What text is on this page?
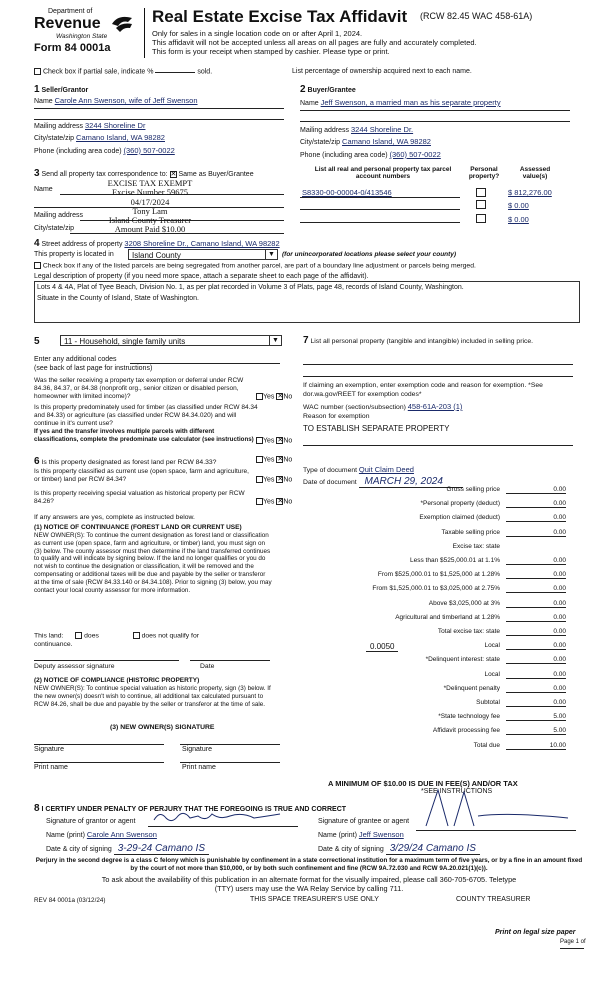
Department of
Revenue
Washington State
Form 84 0001a
Real Estate Excise Tax Affidavit (RCW 82.45 WAC 458-61A)
Only for sales in a single location code on or after April 1, 2024.
This affidavit will not be accepted unless all areas on all pages are fully and accurately completed.
This form is your receipt when stamped by cashier. Please type or print.
Check box if partial sale, indicate %	sold.	List percentage of ownership acquired next to each name.
1 Seller/Grantor
Name Carole Ann Swenson, wife of Jeff Swenson
Mailing address 3244 Shoreline Dr
City/state/zip Camano Island, WA 98282
Phone (including area code) (360) 507-0022
2 Buyer/Grantee
Name Jeff Swenson, a married man as his separate property
Mailing address 3244 Shoreline Dr.
City/state/zip Camano Island, WA 98282
Phone (including area code) (360) 507-0022
3 Send all property tax correspondence to: ✕ Same as Buyer/Grantee
Name
Mailing address
City/state/zip
EXCISE TAX EXEMPT
Excise Number 59675
04/17/2024
Tony Lam
Island County Treasurer
Amount Paid $10.00
List all real and personal property tax parcel account numbers
Personal property?
Assessed value(s)
S8330-00-00004-0/413546	$ 812,276.00
$ 0.00
$ 0.00
4 Street address of property 3208 Shoreline Dr., Camano Island, WA 98282
This property is located in	Island County	▼	(for unincorporated locations please select your county)
Check box if any of the listed parcels are being segregated from another parcel, are part of a boundary line adjustment or parcels being merged.
Legal description of property (if you need more space, attach a separate sheet to each page of the affidavit).
Lots 4 & 4A, Plat of Tyee Beach, Division No. 1, as per plat recorded in Volume 3 of Plats, page 48, records of Island County, Washington.
Situate in the County of Island, State of Washington.
5	11 - Household, single family units	▼
Enter any additional codes
(see back of last page for instructions)
Was the seller receiving a property tax exemption or deferral under RCW 84.36, 84.37, or 84.38 (nonprofit org., senior citizen or disabled person, homeowner with limited income)?	Yes ✕ No
Is this property predominately used for timber (as classified under RCW 84.34 and 84.33) or agriculture (as classified under RCW 84.34.020) and will continue in it's current use?
If yes and the transfer involves multiple parcels with different classifications, complete the predominate use calculator (see instructions)	Yes ✕ No
6 Is this property designated as forest land per RCW 84.33?	Yes ✕ No
Is this property classified as current use (open space, farm and agriculture, or timber) land per RCW 84.34?	Yes ✕ No
Is this property receiving special valuation as historical property per RCW 84.26?	Yes ✕ No
If any answers are yes, complete as instructed below.
(1) NOTICE OF CONTINUANCE (FOREST LAND OR CURRENT USE)
NEW OWNER(S): To continue the current designation as forest land or classification as current use (open space, farm and agriculture, or timber) land, you must sign on (3) below. The county assessor must then determine if the land transferred continues to qualify and will indicate by signing below. If the land no longer qualifies or you do not wish to continue the designation or classification, it will be removed and the compensating or additional taxes will be due and payable by the seller or transferor at the time of sale (RCW 84.33.140 or 84.34.108). Prior to signing (3) below, you may contact your local county assessor for more information.
This land:	does	does not qualify for
continuance.
Deputy assessor signature	Date
(2) NOTICE OF COMPLIANCE (HISTORIC PROPERTY)
NEW OWNER(S): To continue special valuation as historic property, sign (3) below. If the new owner(s) doesn't wish to continue, all additional tax calculated pursuant to RCW 84.26, shall be due and payable by the seller or transferor at the time of sale.
(3) NEW OWNER(S) SIGNATURE
Signature	Signature
Print name	Print name
7 List all personal property (tangible and intangible) included in selling price.
If claiming an exemption, enter exemption code and reason for exemption. *See dor.wa.gov/REET for exemption codes*
WAC number (section/subsection) 458-61A-203 (1)
Reason for exemption
TO ESTABLISH SEPARATE PROPERTY
Type of document Quit Claim Deed
Date of document MARCH 29, 2024
Gross selling price	0.00
*Personal property (deduct)	0.00
Exemption claimed (deduct)	0.00
Taxable selling price	0.00
Excise tax: state
Less than $525,000.01 at 1.1%	0.00
From $525,000.01 to $1,525,000 at 1.28%	0.00
From $1,525,000.01 to $3,025,000 at 2.75%	0.00
Above $3,025,000 at 3%	0.00
Agricultural and timberland at 1.28%	0.00
Total excise tax: state	0.00
Local
0.0050	0.00
*Delinquent interest: state	0.00
Local	0.00
*Delinquent penalty	0.00
Subtotal	0.00
*State technology fee	5.00
Affidavit processing fee	5.00
Total due	10.00
A MINIMUM OF $10.00 IS DUE IN FEE(S) AND/OR TAX
*SEE INSTRUCTIONS
8 I CERTIFY UNDER PENALTY OF PERJURY THAT THE FOREGOING IS TRUE AND CORRECT
Signature of grantor or agent
Name (print) Carole Ann Swenson
Date & city of signing 3-29-24 Camano IS
Signature of grantee or agent
Name (print) Jeff Swenson
Date & city of signing 3/29/24 Camano IS
Perjury in the second degree is a class C felony which is punishable by confinement in a state correctional institution for a maximum term of five years, or by a fine in an amount fixed by the court of not more than $10,000, or by both such confinement and fine (RCW 9A.72.030 and RCW 9A.20.021(1)(c)).
To ask about the availability of this publication in an alternate format for the visually impaired, please call 360-705-6705. Teletype
(TTY) users may use the WA Relay Service by calling 711.
REV 84 0001a (03/12/24)	THIS SPACE TREASURER'S USE ONLY	COUNTY TREASURER
Print on legal size paper
Page 1 of
